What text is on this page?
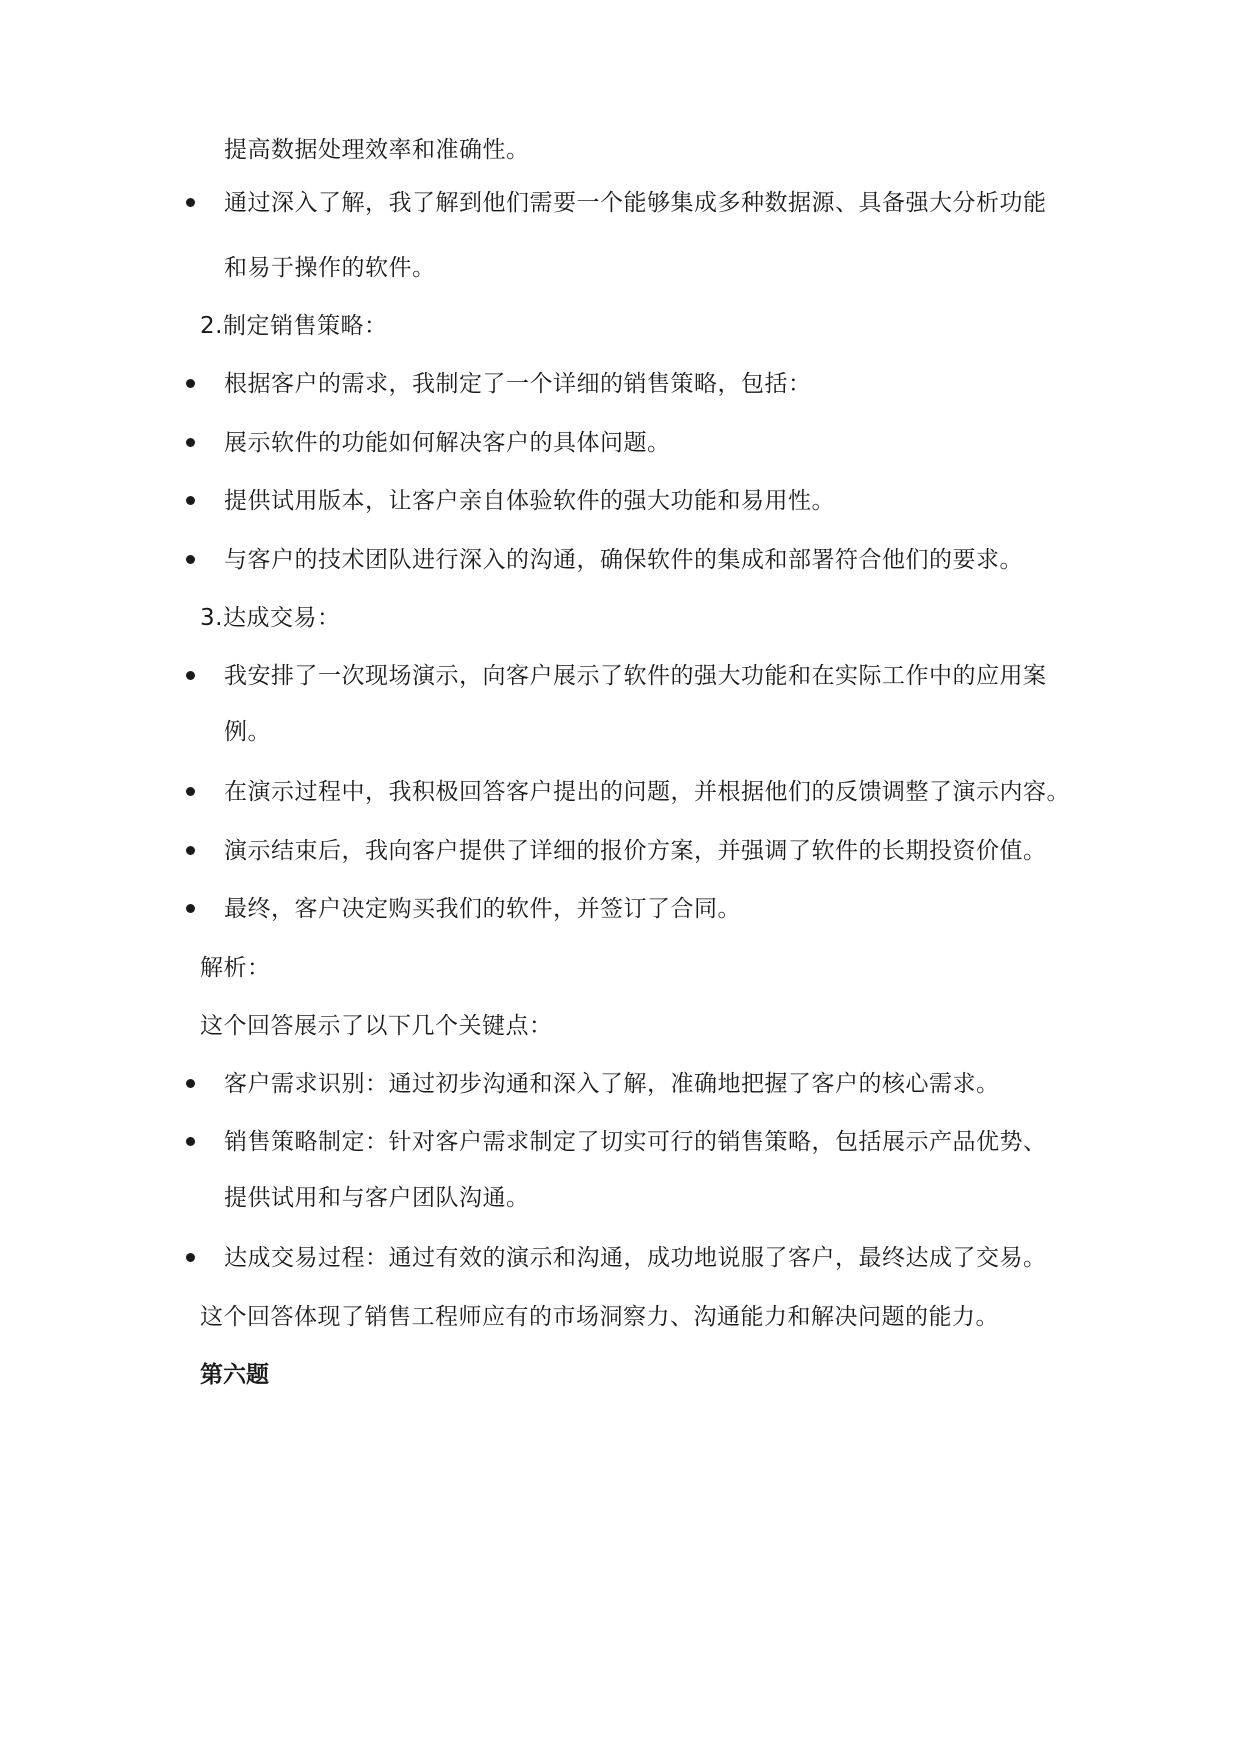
提高数据处理效率和准确性。
通过深入了解，我了解到他们需要一个能够集成多种数据源、具备强大分析功能
和易于操作的软件。
2.制定销售策略：
根据客户的需求，我制定了一个详细的销售策略，包括：
展示软件的功能如何解决客户的具体问题。
提供试用版本，让客户亲自体验软件的强大功能和易用性。
与客户的技术团队进行深入的沟通，确保软件的集成和部署符合他们的要求。
3.达成交易：
我安排了一次现场演示，向客户展示了软件的强大功能和在实际工作中的应用案
例。
在演示过程中，我积极回答客户提出的问题，并根据他们的反馈调整了演示内容。
演示结束后，我向客户提供了详细的报价方案，并强调了软件的长期投资价值。
最终，客户决定购买我们的软件，并签订了合同。
解析：
这个回答展示了以下几个关键点：
客户需求识别：通过初步沟通和深入了解，准确地把握了客户的核心需求。
销售策略制定：针对客户需求制定了切实可行的销售策略，包括展示产品优势、
提供试用和与客户团队沟通。
达成交易过程：通过有效的演示和沟通，成功地说服了客户，最终达成了交易。
这个回答体现了销售工程师应有的市场洞察力、沟通能力和解决问题的能力。
第六题
